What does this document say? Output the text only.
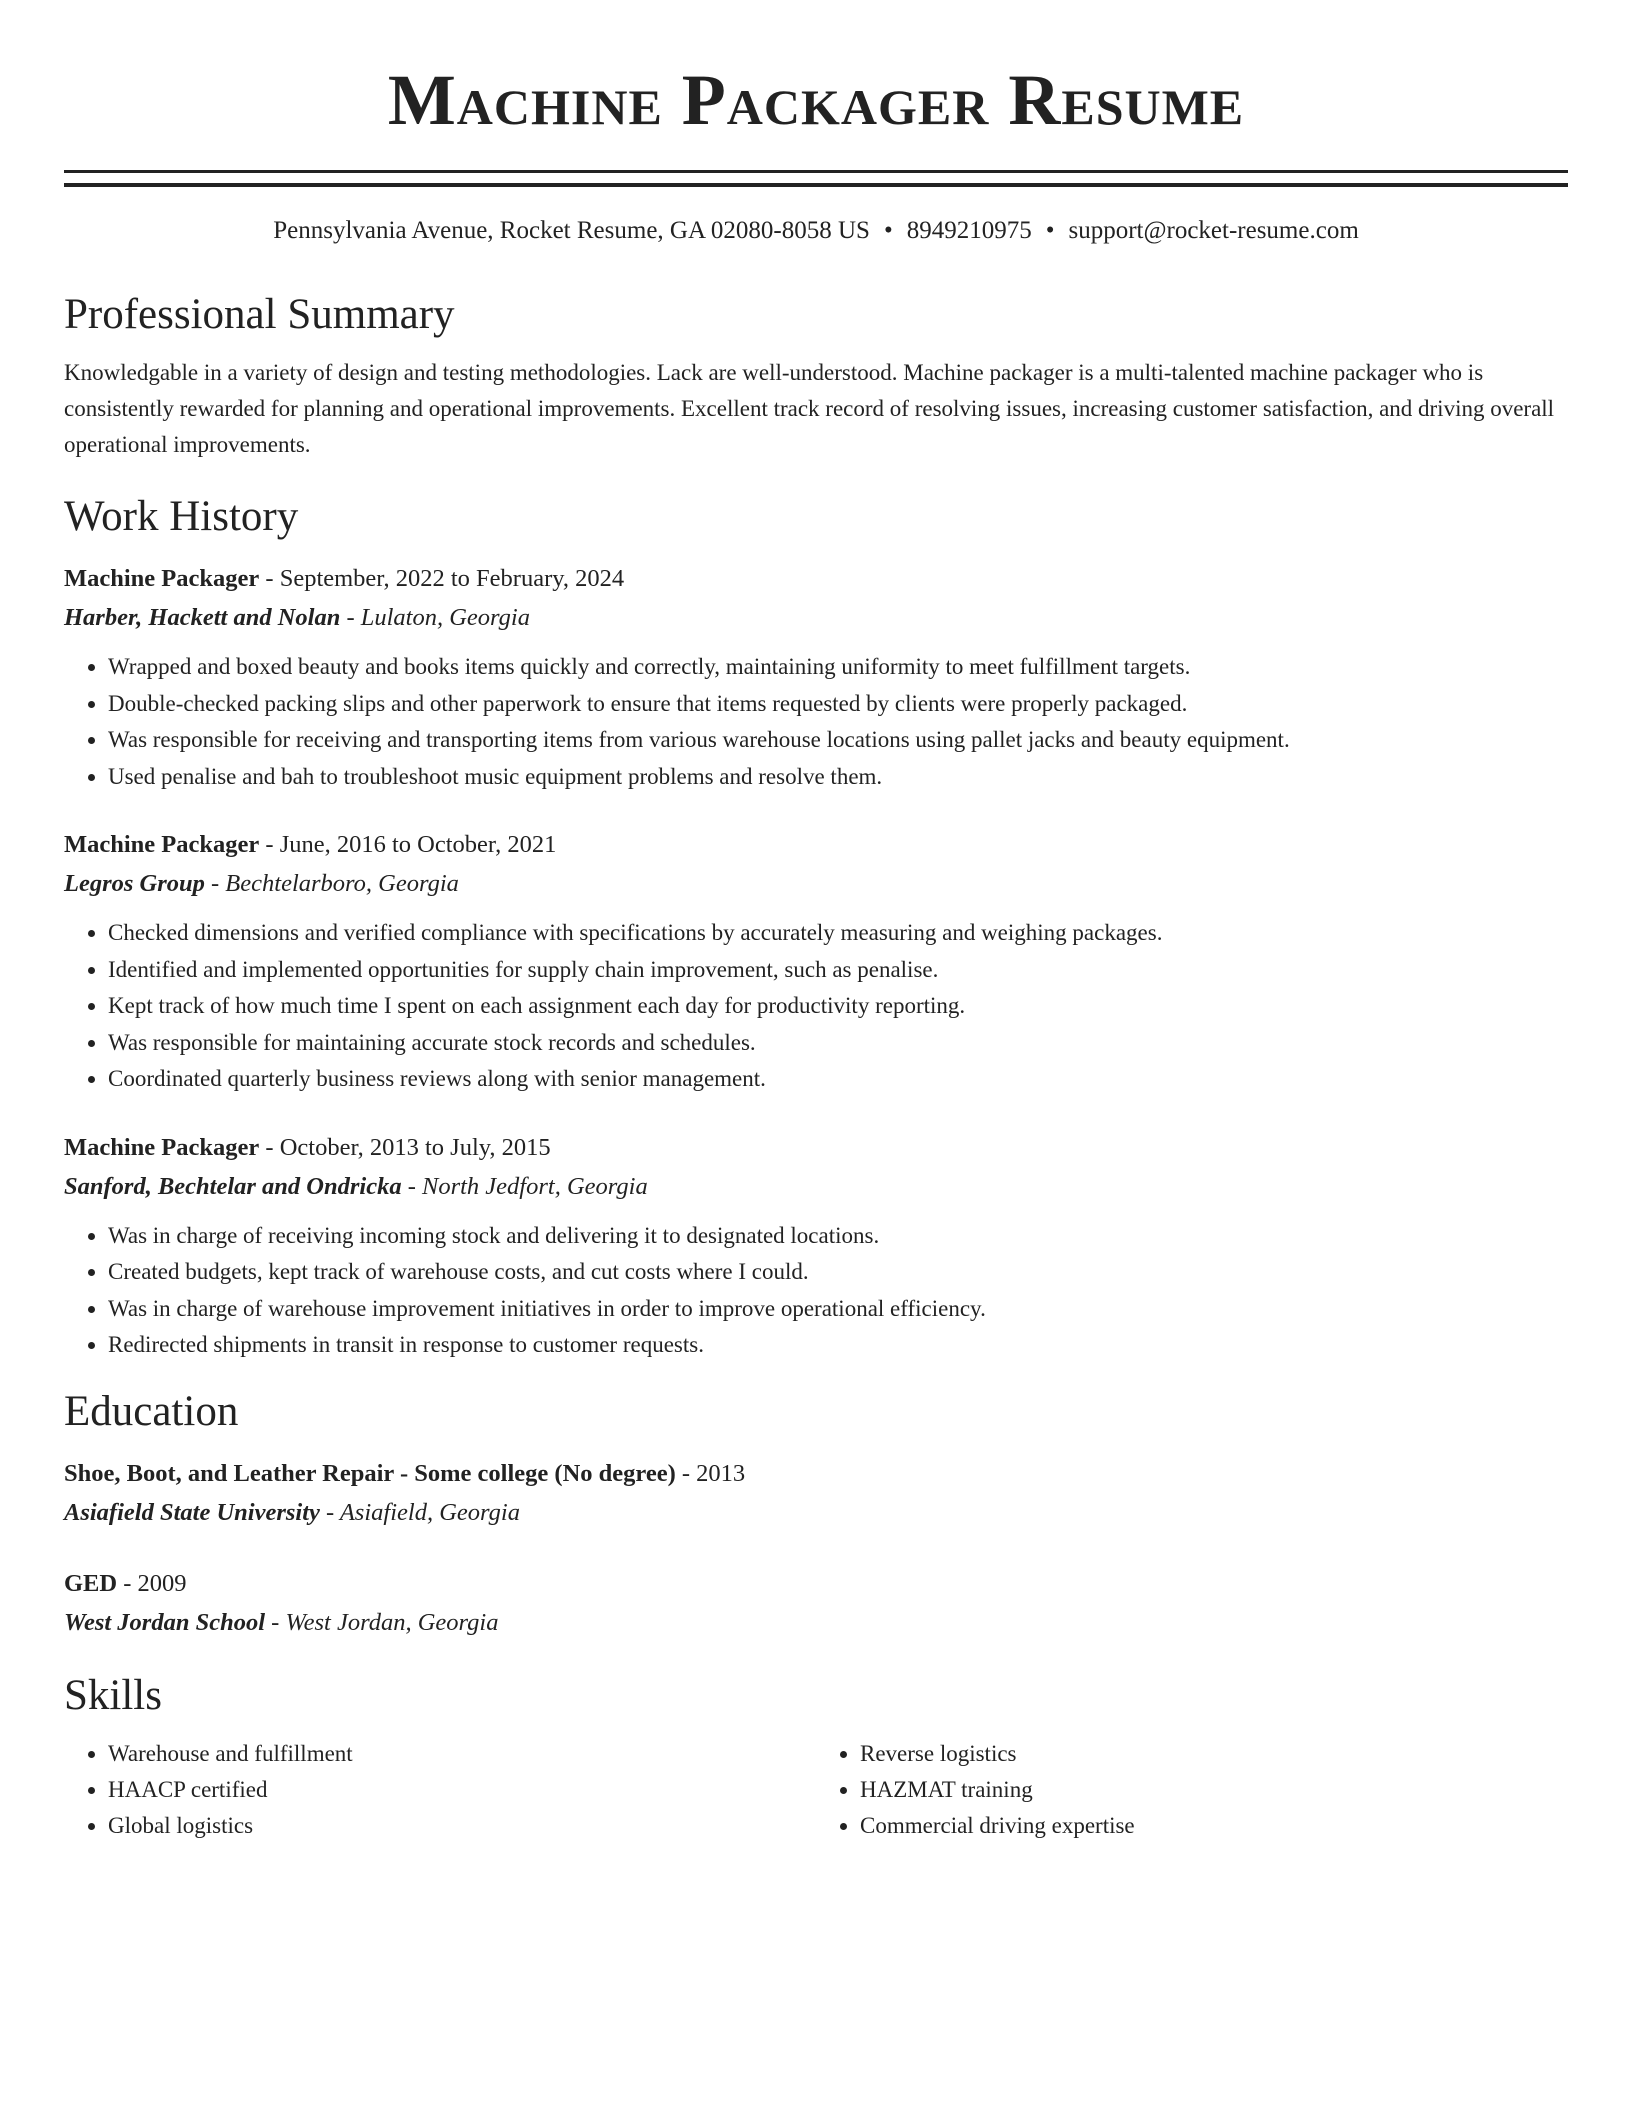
Machine Packager Resume
Pennsylvania Avenue, Rocket Resume, GA 02080-8058 US • 8949210975 • support@rocket-resume.com
Professional Summary

Knowledgable in a variety of design and testing methodologies. Lack are well-understood. Machine packager is a multi-talented machine packager who is consistently rewarded for planning and operational improvements. Excellent track record of resolving issues, increasing customer satisfaction, and driving overall operational improvements.

Work History
Machine Packager - September, 2022 to February, 2024
Harber, Hackett and Nolan - Lulaton, Georgia
• Wrapped and boxed beauty and books items quickly and correctly, maintaining uniformity to meet fulfillment targets.
• Double-checked packing slips and other paperwork to ensure that items requested by clients were properly packaged.
• Was responsible for receiving and transporting items from various warehouse locations using pallet jacks and beauty equipment.
• Used penalise and bah to troubleshoot music equipment problems and resolve them.
Machine Packager - June, 2016 to October, 2021
Legros Group - Bechtelarboro, Georgia
• Checked dimensions and verified compliance with specifications by accurately measuring and weighing packages.
• Identified and implemented opportunities for supply chain improvement, such as penalise.
• Kept track of how much time I spent on each assignment each day for productivity reporting.
• Was responsible for maintaining accurate stock records and schedules.
• Coordinated quarterly business reviews along with senior management.
Machine Packager - October, 2013 to July, 2015
Sanford, Bechtelar and Ondricka - North Jedfort, Georgia
• Was in charge of receiving incoming stock and delivering it to designated locations.
• Created budgets, kept track of warehouse costs, and cut costs where I could.
• Was in charge of warehouse improvement initiatives in order to improve operational efficiency.
• Redirected shipments in transit in response to customer requests.
Education
Shoe, Boot, and Leather Repair - Some college (No degree) - 2013
Asiafield State University - Asiafield, Georgia
GED - 2009
West Jordan School - West Jordan, Georgia
Skills
• Warehouse and fulfillment
• HAACP certified
• Global logistics
• Reverse logistics
• HAZMAT training
• Commercial driving expertise
